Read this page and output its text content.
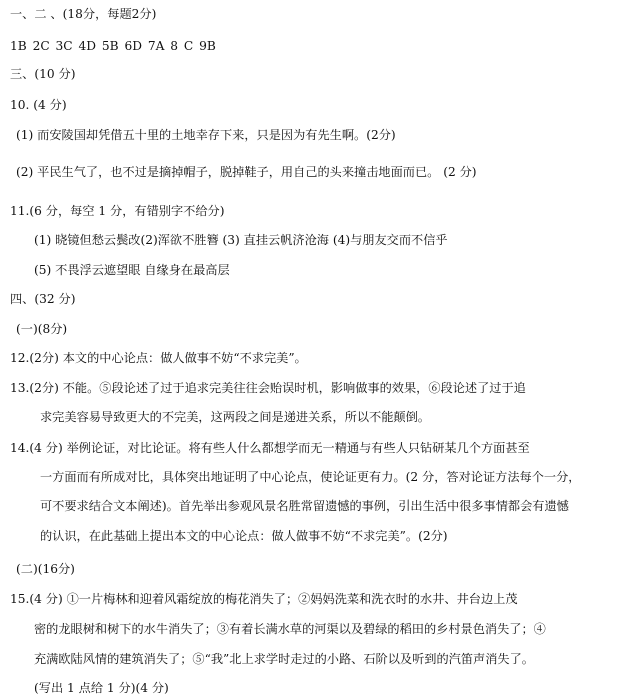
一、二 、(18分，每题2分)
1B 2C 3C 4D 5B 6D 7A 8 C 9B
三、(10 分)
10. (4 分)
(1) 而安陵国却凭借五十里的土地幸存下来，只是因为有先生啊。(2分)
(2) 平民生气了，也不过是摘掉帽子，脱掉鞋子，用自己的头来撞击地面而已。 (2 分)
11.(6 分，每空 1 分，有错别字不给分)
(1) 晓镜但愁云鬓改(2)浑欲不胜簪 (3) 直挂云帆济沧海 (4)与朋友交而不信乎
(5) 不畏浮云遮望眼 自缘身在最高层
四、(32 分)
(一)(8分)
12.(2分) 本文的中心论点：做人做事不妨“不求完美”。
13.(2分) 不能。⑤段论述了过于追求完美往往会贻误时机，影响做事的效果，⑥段论述了过于追
求完美容易导致更大的不完美，这两段之间是递进关系，所以不能颠倒。
14.(4 分) 举例论证，对比论证。将有些人什么都想学而无一精通与有些人只钻研某几个方面甚至
一方面而有所成对比，具体突出地证明了中心论点，使论证更有力。(2 分，答对论证方法每个一分，
可不要求结合文本阐述)。首先举出参观风景名胜常留遗憾的事例，引出生活中很多事情都会有遗憾
的认识，在此基础上提出本文的中心论点：做人做事不妨“不求完美”。(2分)
(二)(16分)
15.(4 分) ①一片梅林和迎着风霜绽放的梅花消失了；②妈妈洗菜和洗衣时的水井、井台边上茂
密的龙眼树和树下的水牛消失了；③有着长满水草的河渠以及碧绿的稻田的乡村景色消失了；④
充满欧陆风情的建筑消失了；⑤“我”北上求学时走过的小路、石阶以及听到的汽笛声消失了。
(写出 1 点给 1 分)(4 分)
